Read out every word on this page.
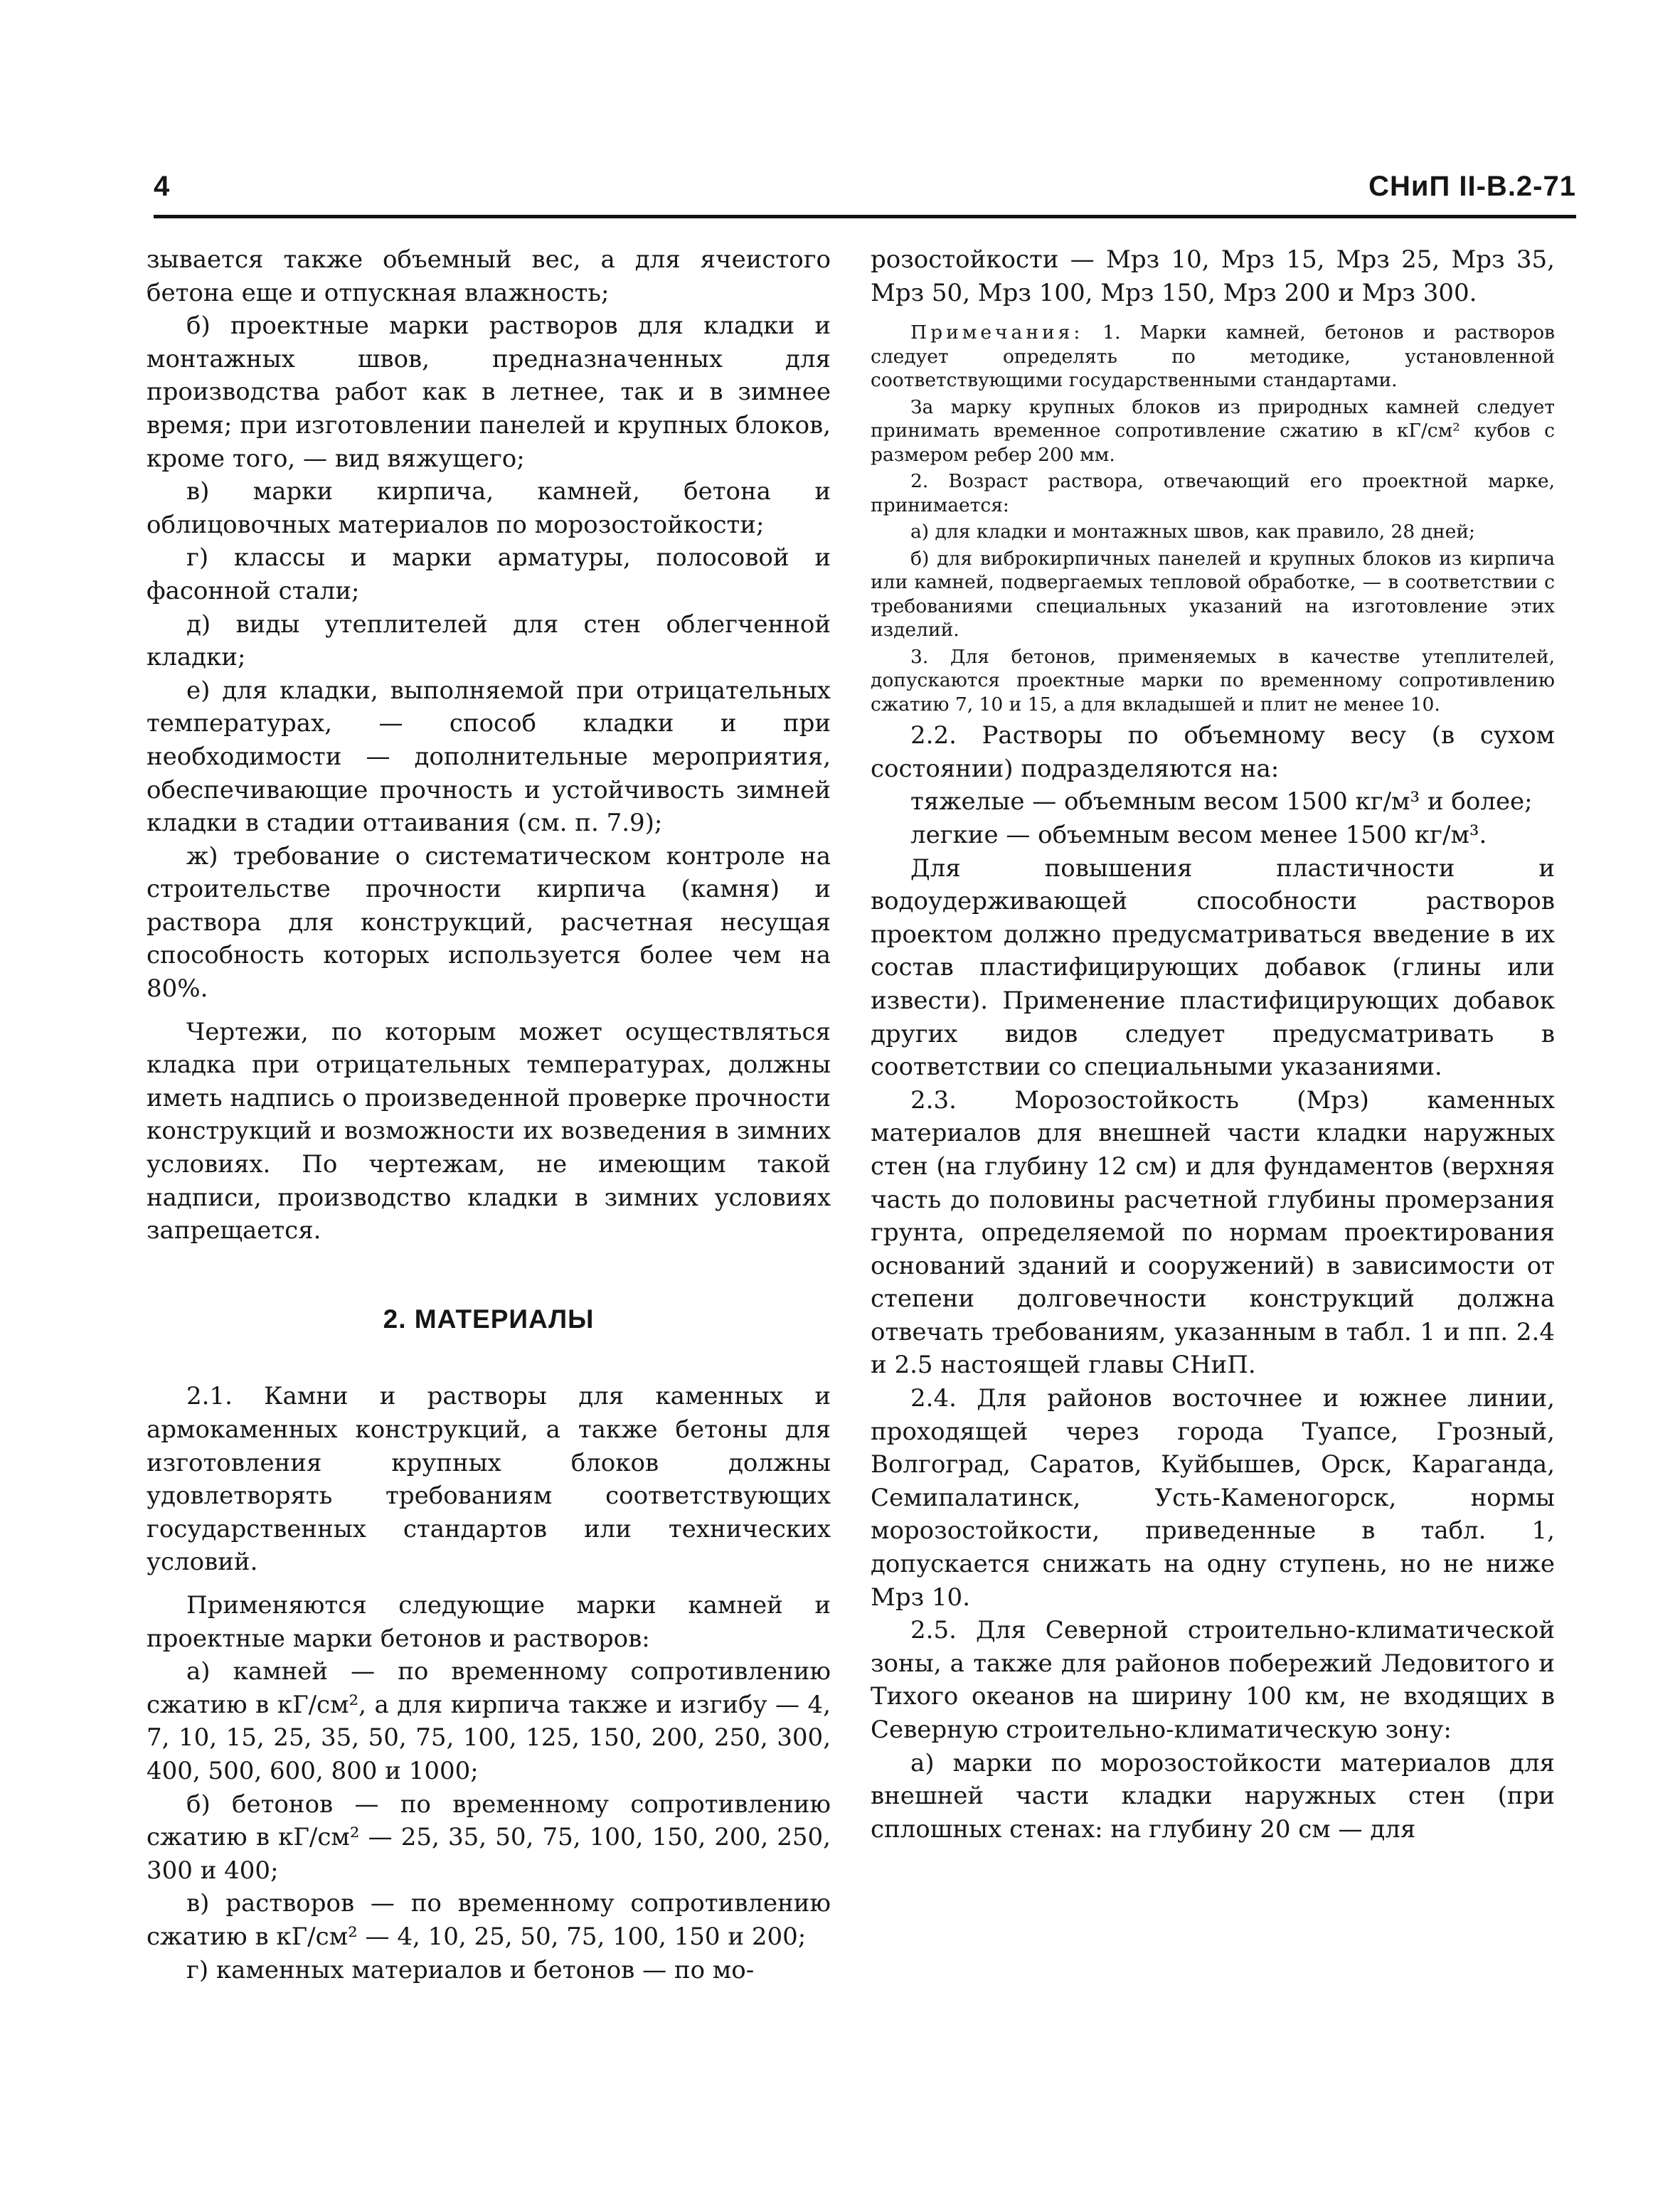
4	СНиП II-В.2-71

зывается также объемный вес, а для ячеистого бетона еще и отпускная влажность;

б) проектные марки растворов для кладки и монтажных швов, предназначенных для производства работ как в летнее, так и в зимнее время; при изготовлении панелей и крупных блоков, кроме того, — вид вяжущего;

в) марки кирпича, камней, бетона и облицовочных материалов по морозостойкости;

г) классы и марки арматуры, полосовой и фасонной стали;

д) виды утеплителей для стен облегченной кладки;

е) для кладки, выполняемой при отрицательных температурах, — способ кладки и при необходимости — дополнительные мероприятия, обеспечивающие прочность и устойчивость зимней кладки в стадии оттаивания (см. п. 7.9);

ж) требование о систематическом контроле на строительстве прочности кирпича (камня) и раствора для конструкций, расчетная несущая способность которых используется более чем на 80%.

Чертежи, по которым может осуществляться кладка при отрицательных температурах, должны иметь надпись о произведенной проверке прочности конструкций и возможности их возведения в зимних условиях. По чертежам, не имеющим такой надписи, производство кладки в зимних условиях запрещается.

2. МАТЕРИАЛЫ

2.1. Камни и растворы для каменных и армокаменных конструкций, а также бетоны для изготовления крупных блоков должны удовлетворять требованиям соответствующих государственных стандартов или технических условий.

Применяются следующие марки камней и проектные марки бетонов и растворов:

а) камней — по временному сопротивлению сжатию в кГ/см², а для кирпича также и изгибу — 4, 7, 10, 15, 25, 35, 50, 75, 100, 125, 150, 200, 250, 300, 400, 500, 600, 800 и 1000;

б) бетонов — по временному сопротивлению сжатию в кГ/см² — 25, 35, 50, 75, 100, 150, 200, 250, 300 и 400;

в) растворов — по временному сопротивлению сжатию в кГ/см² — 4, 10, 25, 50, 75, 100, 150 и 200;

г) каменных материалов и бетонов — по мо-

розостойкости — Мрз 10, Мрз 15, Мрз 25, Мрз 35, Мрз 50, Мрз 100, Мрз 150, Мрз 200 и Мрз 300.

Примечания: 1. Марки камней, бетонов и растворов следует определять по методике, установленной соответствующими государственными стандартами.

За марку крупных блоков из природных камней следует принимать временное сопротивление сжатию в кГ/см² кубов с размером ребер 200 мм.

2. Возраст раствора, отвечающий его проектной марке, принимается:

а) для кладки и монтажных швов, как правило, 28 дней;

б) для виброкирпичных панелей и крупных блоков из кирпича или камней, подвергаемых тепловой обработке, — в соответствии с требованиями специальных указаний на изготовление этих изделий.

3. Для бетонов, применяемых в качестве утеплителей, допускаются проектные марки по временному сопротивлению сжатию 7, 10 и 15, а для вкладышей и плит не менее 10.

2.2. Растворы по объемному весу (в сухом состоянии) подразделяются на:

тяжелые — объемным весом 1500 кг/м³ и более;

легкие — объемным весом менее 1500 кг/м³.

Для повышения пластичности и водоудерживающей способности растворов проектом должно предусматриваться введение в их состав пластифицирующих добавок (глины или извести). Применение пластифицирующих добавок других видов следует предусматривать в соответствии со специальными указаниями.

2.3. Морозостойкость (Мрз) каменных материалов для внешней части кладки наружных стен (на глубину 12 см) и для фундаментов (верхняя часть до половины расчетной глубины промерзания грунта, определяемой по нормам проектирования оснований зданий и сооружений) в зависимости от степени долговечности конструкций должна отвечать требованиям, указанным в табл. 1 и пп. 2.4 и 2.5 настоящей главы СНиП.

2.4. Для районов восточнее и южнее линии, проходящей через города Туапсе, Грозный, Волгоград, Саратов, Куйбышев, Орск, Караганда, Семипалатинск, Усть-Каменогорск, нормы морозостойкости, приведенные в табл. 1, допускается снижать на одну ступень, но не ниже Мрз 10.

2.5. Для Северной строительно-климатической зоны, а также для районов побережий Ледовитого и Тихого океанов на ширину 100 км, не входящих в Северную строительно-климатическую зону:

а) марки по морозостойкости материалов для внешней части кладки наружных стен (при сплошных стенах: на глубину 20 см — для
